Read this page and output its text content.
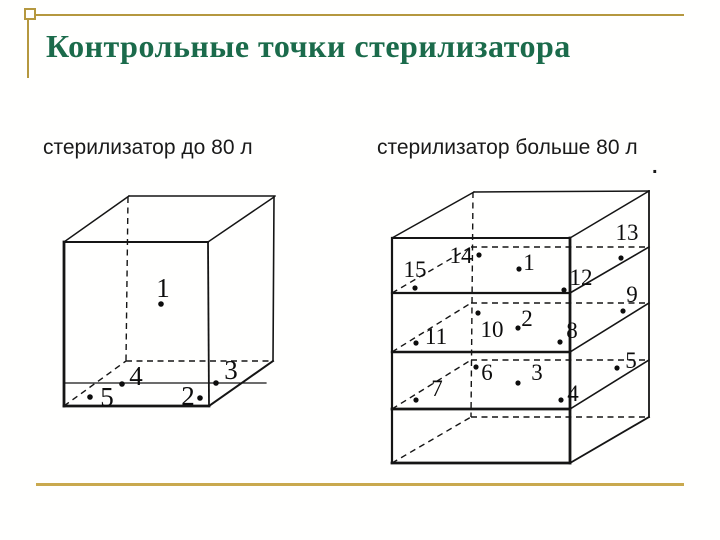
Контрольные точки стерилизатора
стерилизатор до 80 л	стерилизатор больше 80 л
.
1
2
3
4
5
1
2
3
4
5
6
7
8
9
10
11
12
13
14
15
